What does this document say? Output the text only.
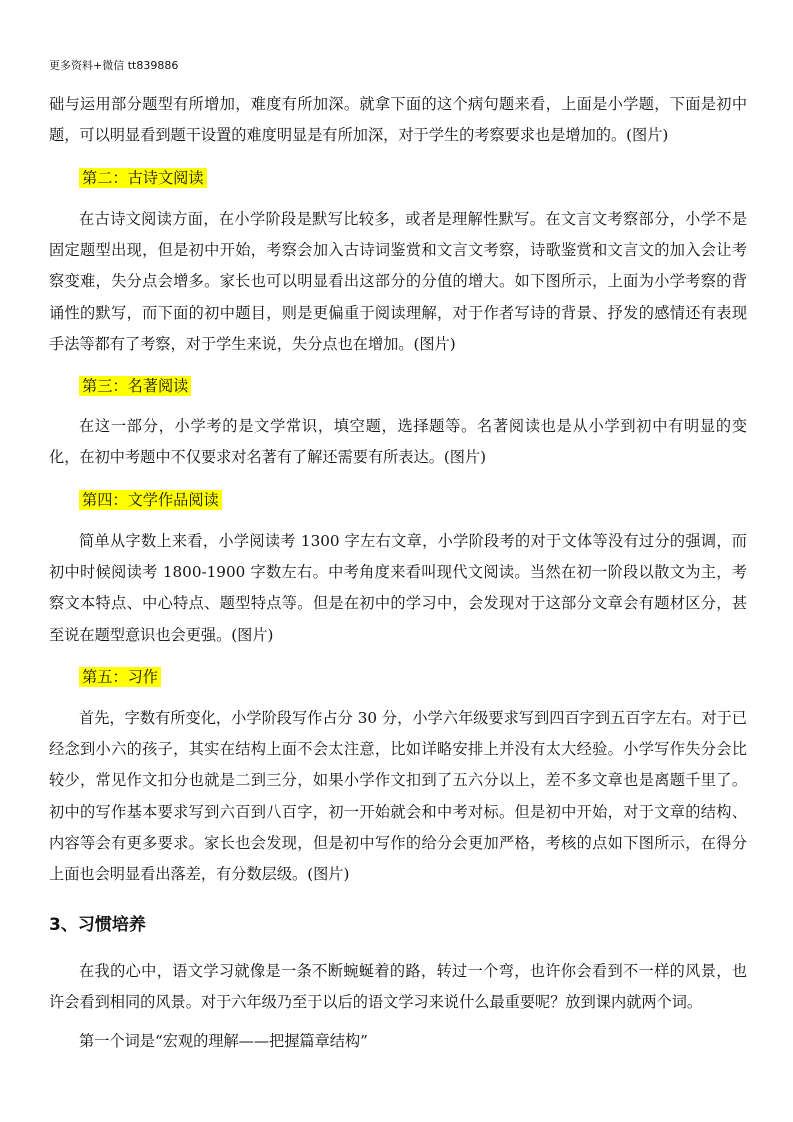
更多资料+微信 tt839886

础与运用部分题型有所增加，难度有所加深。就拿下面的这个病句题来看，上面是小学题，下面是初中题，可以明显看到题干设置的难度明显是有所加深，对于学生的考察要求也是增加的。(图片)

第二：古诗文阅读

在古诗文阅读方面，在小学阶段是默写比较多，或者是理解性默写。在文言文考察部分，小学不是固定题型出现，但是初中开始，考察会加入古诗词鉴赏和文言文考察，诗歌鉴赏和文言文的加入会让考察变难，失分点会增多。家长也可以明显看出这部分的分值的增大。如下图所示，上面为小学考察的背诵性的默写，而下面的初中题目，则是更偏重于阅读理解，对于作者写诗的背景、抒发的感情还有表现手法等都有了考察，对于学生来说，失分点也在增加。(图片)

第三：名著阅读

在这一部分，小学考的是文学常识，填空题，选择题等。名著阅读也是从小学到初中有明显的变化，在初中考题中不仅要求对名著有了解还需要有所表达。(图片)

第四：文学作品阅读

简单从字数上来看，小学阅读考 1300 字左右文章，小学阶段考的对于文体等没有过分的强调，而初中时候阅读考 1800-1900 字数左右。中考角度来看叫现代文阅读。当然在初一阶段以散文为主，考察文本特点、中心特点、题型特点等。但是在初中的学习中，会发现对于这部分文章会有题材区分，甚至说在题型意识也会更强。(图片)

第五：习作

首先，字数有所变化，小学阶段写作占分 30 分，小学六年级要求写到四百字到五百字左右。对于已经念到小六的孩子，其实在结构上面不会太注意，比如详略安排上并没有太大经验。小学写作失分会比较少，常见作文扣分也就是二到三分，如果小学作文扣到了五六分以上，差不多文章也是离题千里了。初中的写作基本要求写到六百到八百字，初一开始就会和中考对标。但是初中开始，对于文章的结构、内容等会有更多要求。家长也会发现，但是初中写作的给分会更加严格，考核的点如下图所示，在得分上面也会明显看出落差，有分数层级。(图片)

3、习惯培养

在我的心中，语文学习就像是一条不断蜿蜒着的路，转过一个弯，也许你会看到不一样的风景，也许会看到相同的风景。对于六年级乃至于以后的语文学习来说什么最重要呢？放到课内就两个词。

第一个词是“宏观的理解——把握篇章结构”
